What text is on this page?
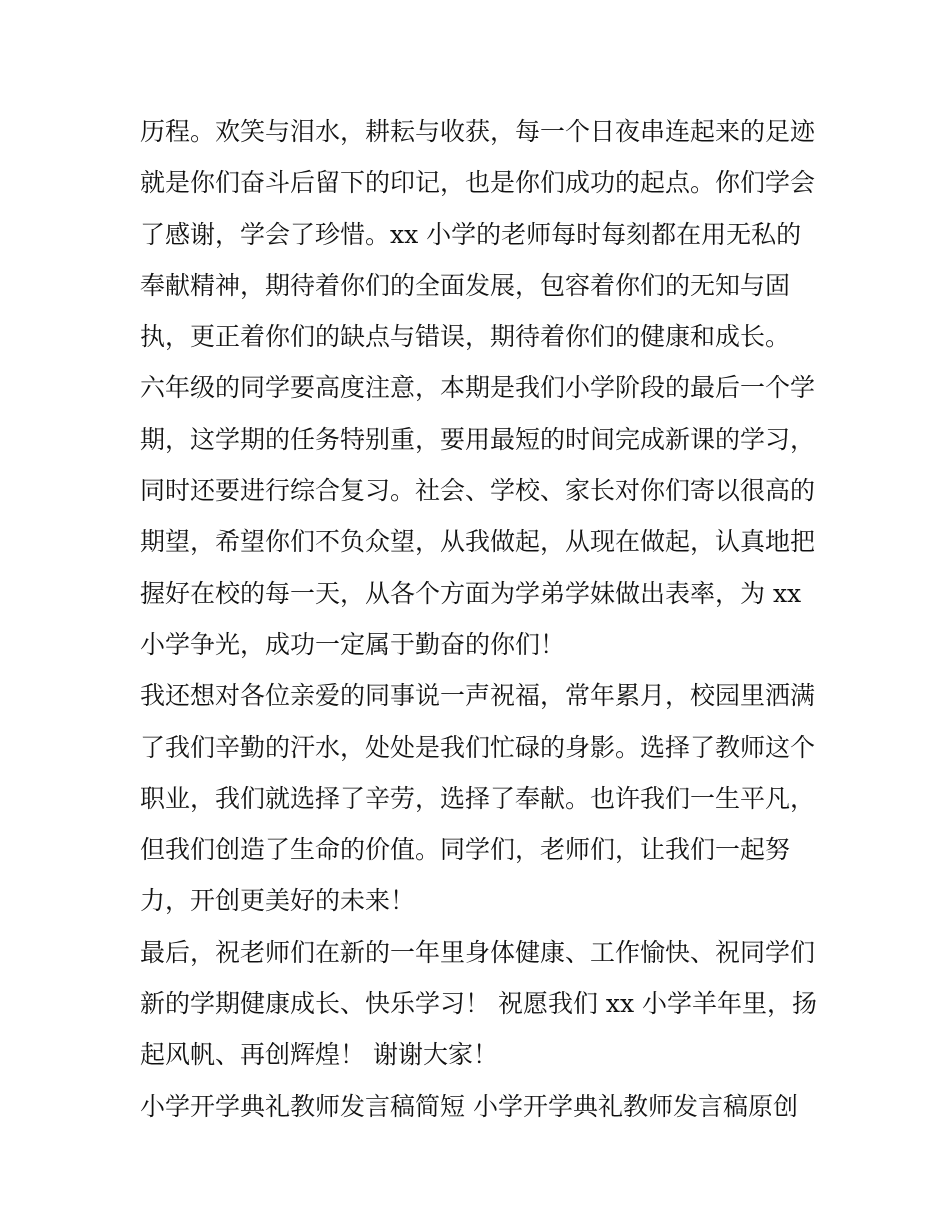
历程。欢笑与泪水，耕耘与收获，每一个日夜串连起来的足迹
就是你们奋斗后留下的印记，也是你们成功的起点。你们学会
了感谢，学会了珍惜。xx 小学的老师每时每刻都在用无私的
奉献精神，期待着你们的全面发展，包容着你们的无知与固
执，更正着你们的缺点与错误，期待着你们的健康和成长。
六年级的同学要高度注意，本期是我们小学阶段的最后一个学
期，这学期的任务特别重，要用最短的时间完成新课的学习，
同时还要进行综合复习。社会、学校、家长对你们寄以很高的
期望，希望你们不负众望，从我做起，从现在做起，认真地把
握好在校的每一天，从各个方面为学弟学妹做出表率，为 xx
小学争光，成功一定属于勤奋的你们！
我还想对各位亲爱的同事说一声祝福，常年累月，校园里洒满
了我们辛勤的汗水，处处是我们忙碌的身影。选择了教师这个
职业，我们就选择了辛劳，选择了奉献。也许我们一生平凡，
但我们创造了生命的价值。同学们，老师们，让我们一起努
力，开创更美好的未来！
最后，祝老师们在新的一年里身体健康、工作愉快、祝同学们
新的学期健康成长、快乐学习！ 祝愿我们 xx 小学羊年里，扬
起风帆、再创辉煌！ 谢谢大家！
小学开学典礼教师发言稿简短 小学开学典礼教师发言稿原创
